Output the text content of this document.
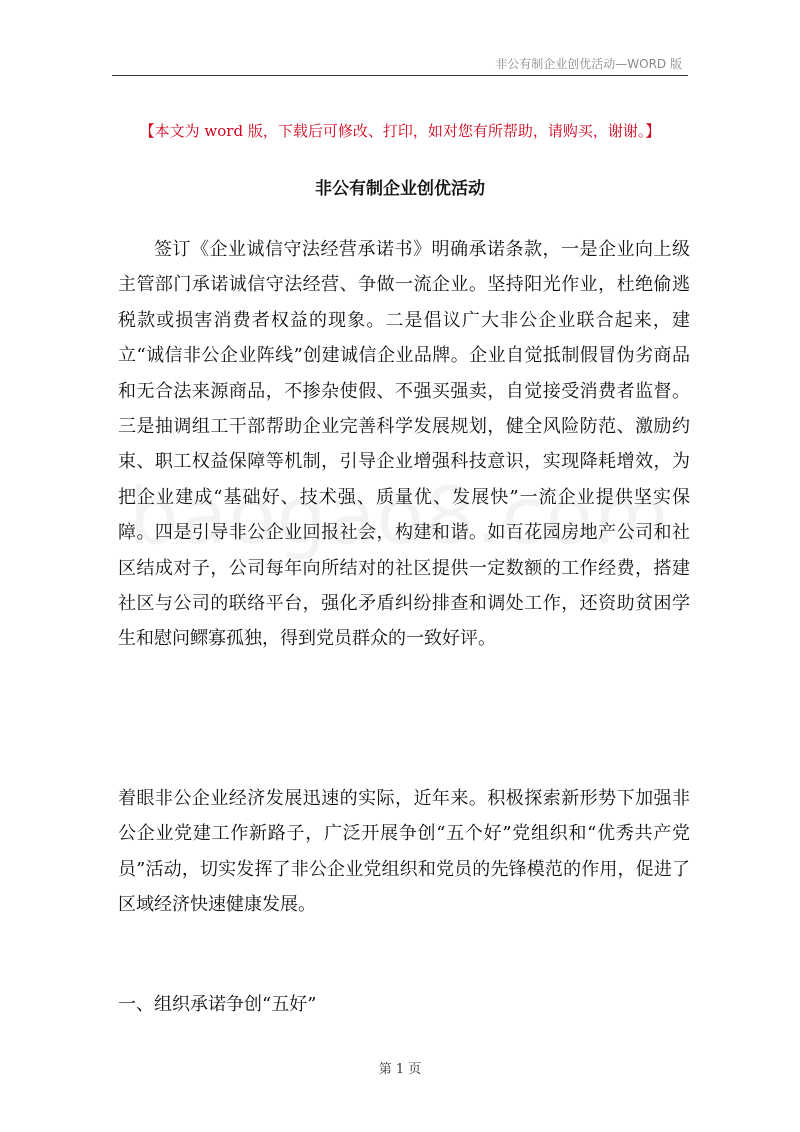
非公有制企业创优活动—WORD 版
【本文为 word 版，下载后可修改、打印，如对您有所帮助，请购买，谢谢。】
非公有制企业创优活动

签订《企业诚信守法经营承诺书》明确承诺条款，一是企业向上级主管部门承诺诚信守法经营、争做一流企业。坚持阳光作业，杜绝偷逃税款或损害消费者权益的现象。二是倡议广大非公企业联合起来，建立“诚信非公企业阵线”创建诚信企业品牌。企业自觉抵制假冒伪劣商品和无合法来源商品，不掺杂使假、不强买强卖，自觉接受消费者监督。三是抽调组工干部帮助企业完善科学发展规划，健全风险防范、激励约束、职工权益保障等机制，引导企业增强科技意识，实现降耗增效，为把企业建成“基础好、技术强、质量优、发展快”一流企业提供坚实保障。四是引导非公企业回报社会，构建和谐。如百花园房地产公司和社区结成对子，公司每年向所结对的社区提供一定数额的工作经费，搭建社区与公司的联络平台，强化矛盾纠纷排查和调处工作，还资助贫困学生和慰问鳏寡孤独，得到党员群众的一致好评。

着眼非公企业经济发展迅速的实际，近年来。积极探索新形势下加强非公企业党建工作新路子，广泛开展争创“五个好”党组织和“优秀共产党员”活动，切实发挥了非公企业党组织和党员的先锋模范的作用，促进了区域经济快速健康发展。

一、组织承诺争创“五好”
第 1 页
